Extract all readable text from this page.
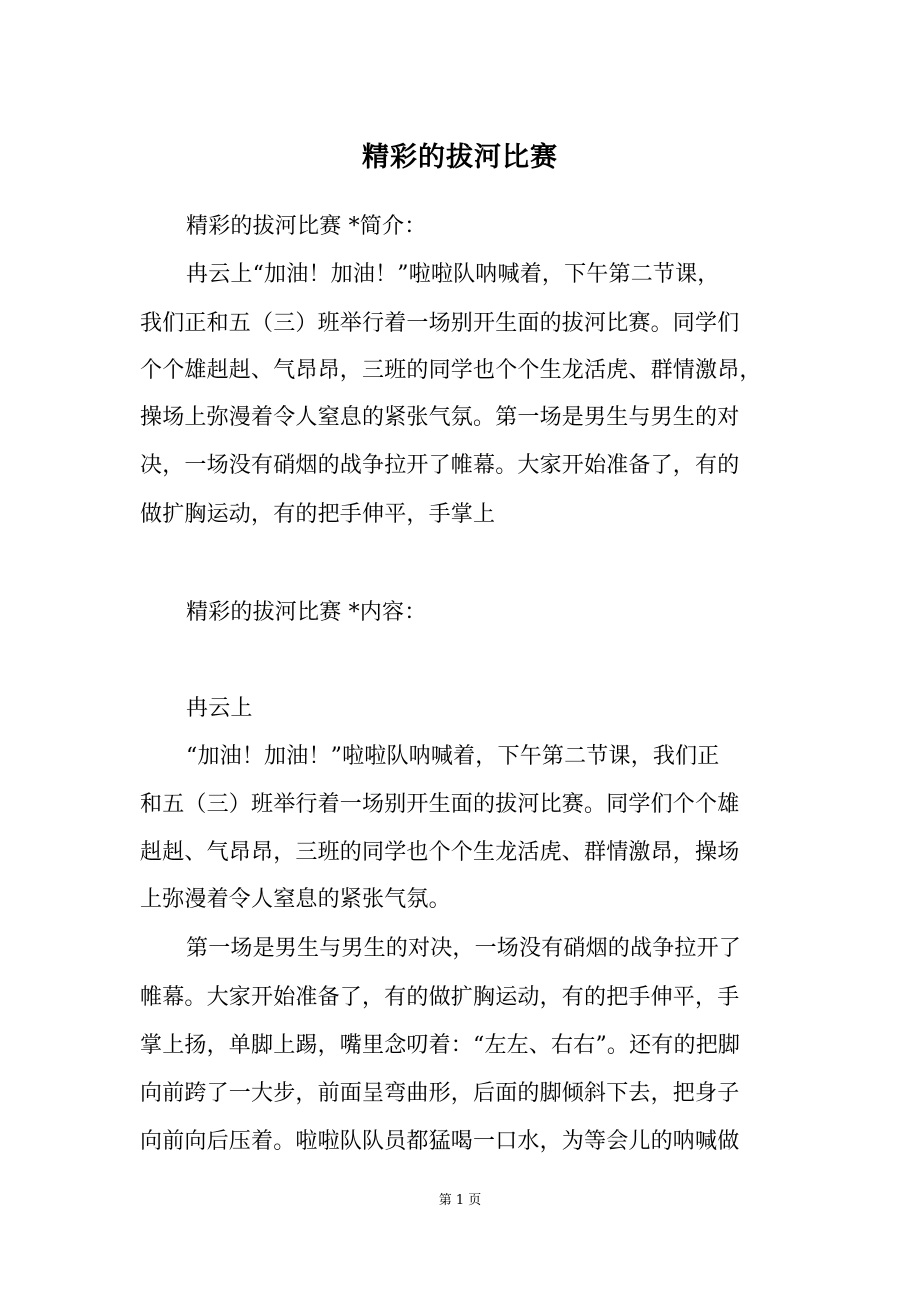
精彩的拔河比赛
精彩的拔河比赛 *简介：
冉云上“加油！加油！”啦啦队呐喊着，下午第二节课，
我们正和五（三）班举行着一场别开生面的拔河比赛。同学们
个个雄赳赳、气昂昂，三班的同学也个个生龙活虎、群情激昂，
操场上弥漫着令人窒息的紧张气氛。第一场是男生与男生的对
决，一场没有硝烟的战争拉开了帷幕。大家开始准备了，有的
做扩胸运动，有的把手伸平，手掌上
精彩的拔河比赛 *内容：
冉云上
“加油！加油！”啦啦队呐喊着，下午第二节课，我们正
和五（三）班举行着一场别开生面的拔河比赛。同学们个个雄
赳赳、气昂昂，三班的同学也个个生龙活虎、群情激昂，操场
上弥漫着令人窒息的紧张气氛。
第一场是男生与男生的对决，一场没有硝烟的战争拉开了
帷幕。大家开始准备了，有的做扩胸运动，有的把手伸平，手
掌上扬，单脚上踢，嘴里念叨着：“左左、右右”。还有的把脚
向前跨了一大步，前面呈弯曲形，后面的脚倾斜下去，把身子
向前向后压着。啦啦队队员都猛喝一口水，为等会儿的呐喊做
第 1 页
